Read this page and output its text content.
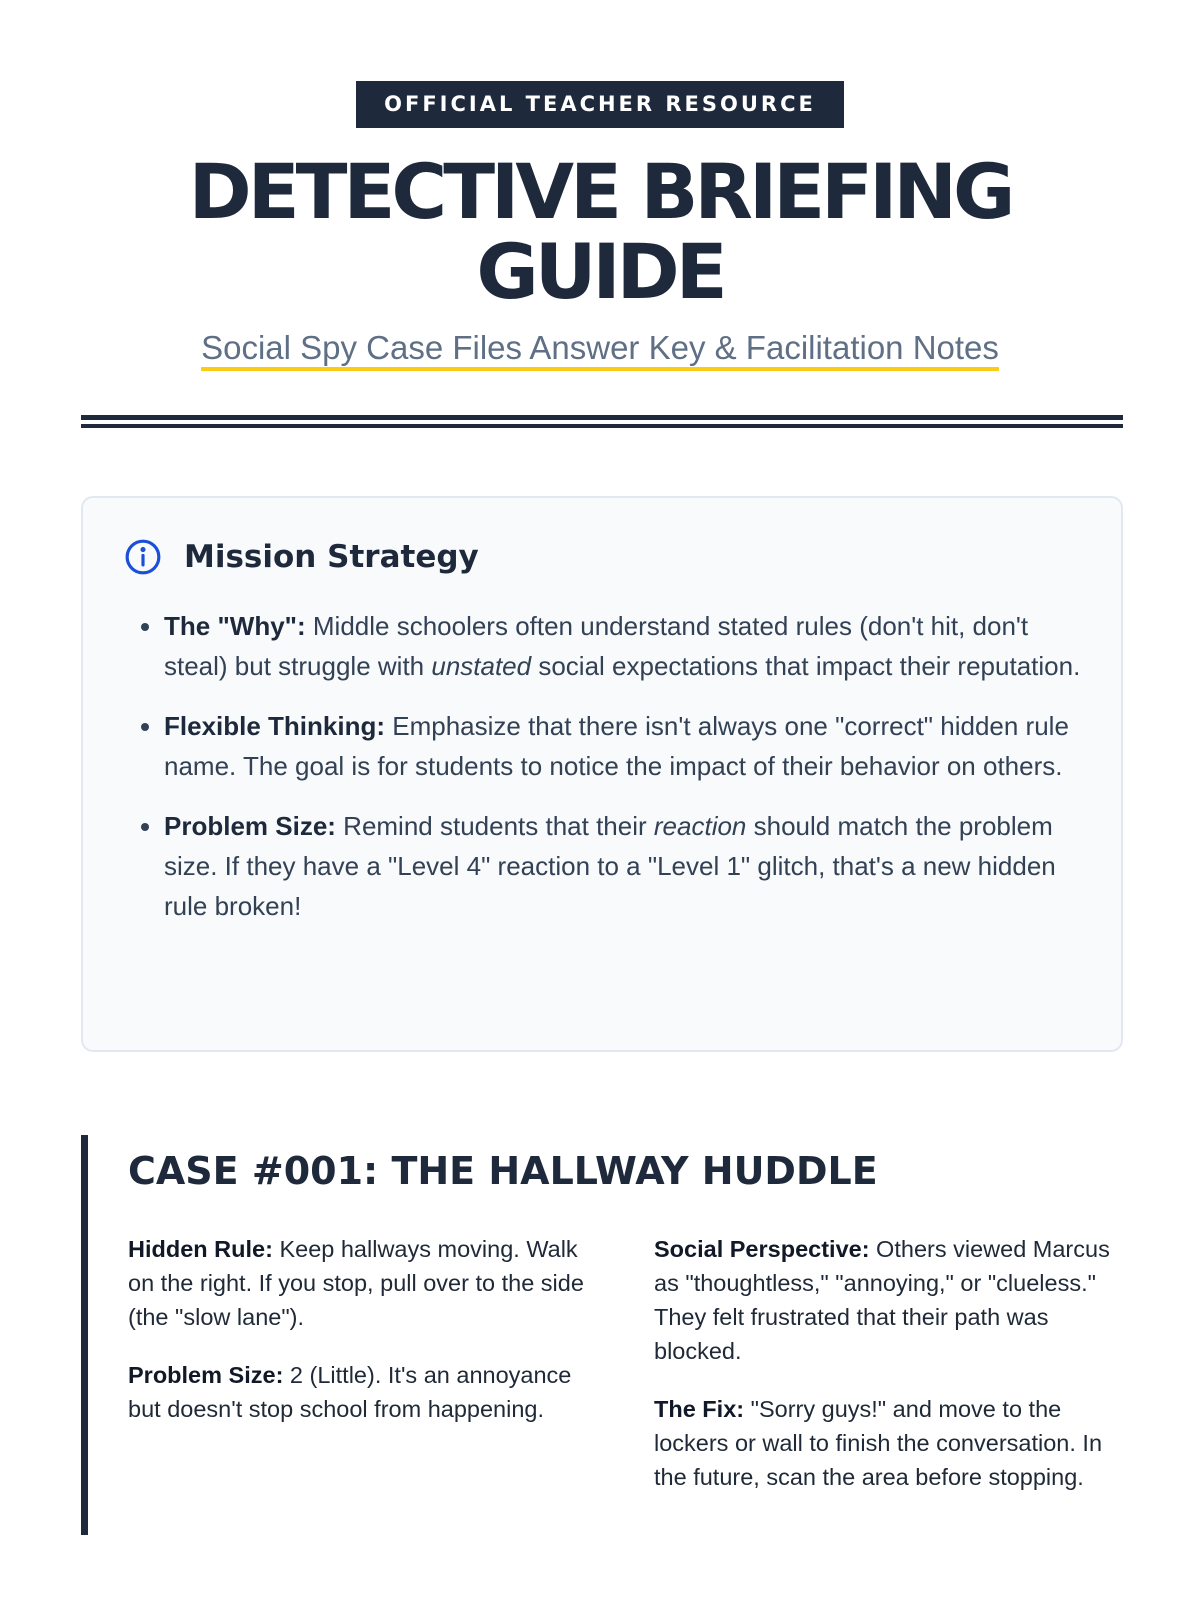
OFFICIAL TEACHER RESOURCE
DETECTIVE BRIEFING
GUIDE
Social Spy Case Files Answer Key & Facilitation Notes
Mission Strategy
• The "Why": Middle schoolers often understand stated rules (don't hit, don't steal) but struggle with unstated social expectations that impact their reputation.
• Flexible Thinking: Emphasize that there isn't always one "correct" hidden rule name. The goal is for students to notice the impact of their behavior on others.
• Problem Size: Remind students that their reaction should match the problem size. If they have a "Level 4" reaction to a "Level 1" glitch, that's a new hidden rule broken!
CASE #001: THE HALLWAY HUDDLE

Hidden Rule: Keep hallways moving. Walk on the right. If you stop, pull over to the side (the "slow lane").

Problem Size: 2 (Little). It's an annoyance but doesn't stop school from happening.

Social Perspective: Others viewed Marcus as "thoughtless," "annoying," or "clueless." They felt frustrated that their path was blocked.

The Fix: "Sorry guys!" and move to the lockers or wall to finish the conversation. In the future, scan the area before stopping.
